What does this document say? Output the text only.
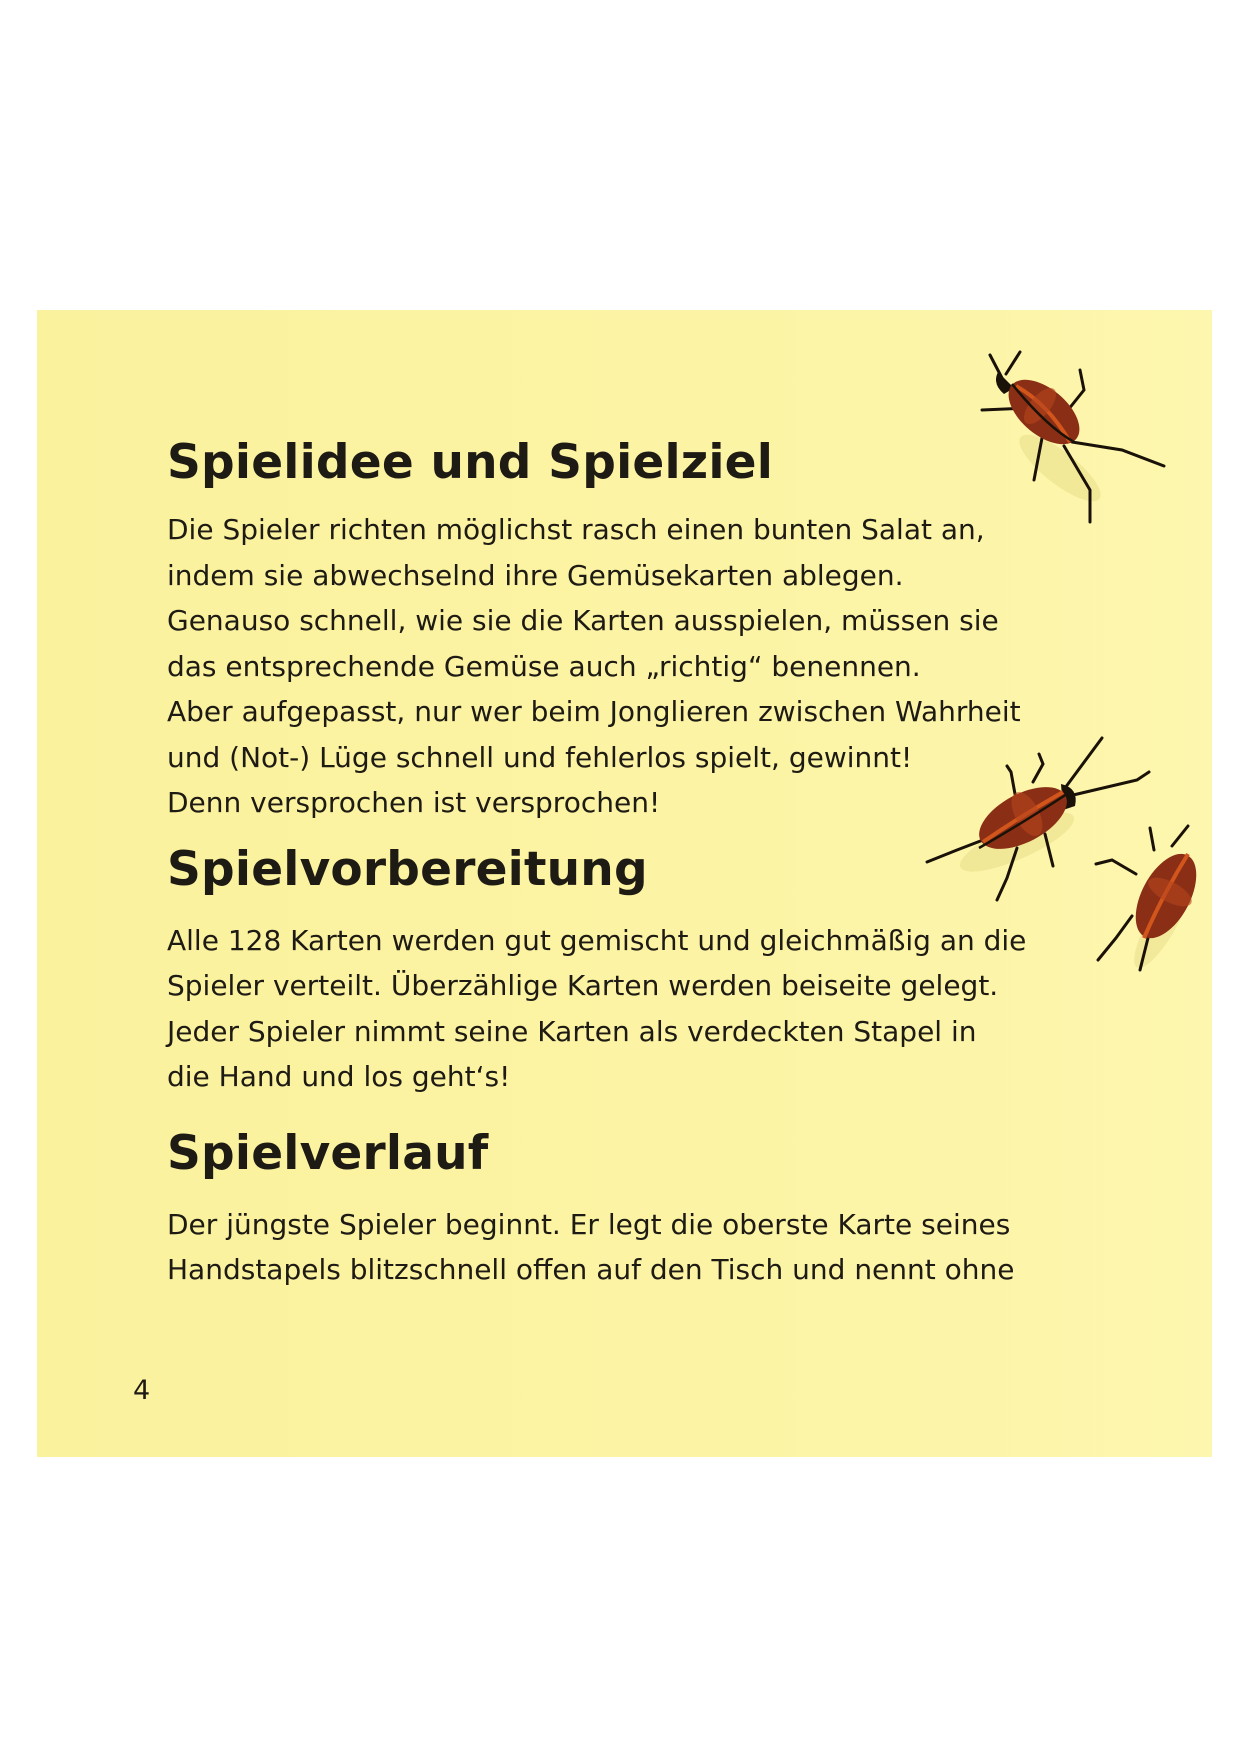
Spielidee und Spielziel

Die Spieler richten möglichst rasch einen bunten Salat an,
indem sie abwechselnd ihre Gemüsekarten ablegen.
Genauso schnell, wie sie die Karten ausspielen, müssen sie
das entsprechende Gemüse auch „richtig“ benennen.
Aber aufgepasst, nur wer beim Jonglieren zwischen Wahrheit
und (Not-) Lüge schnell und fehlerlos spielt, gewinnt!
Denn versprochen ist versprochen!

Spielvorbereitung

Alle 128 Karten werden gut gemischt und gleichmäßig an die
Spieler verteilt. Überzählige Karten werden beiseite gelegt.
Jeder Spieler nimmt seine Karten als verdeckten Stapel in
die Hand und los geht‘s!

Spielverlauf

Der jüngste Spieler beginnt. Er legt die oberste Karte seines
Handstapels blitzschnell offen auf den Tisch und nennt ohne

4
